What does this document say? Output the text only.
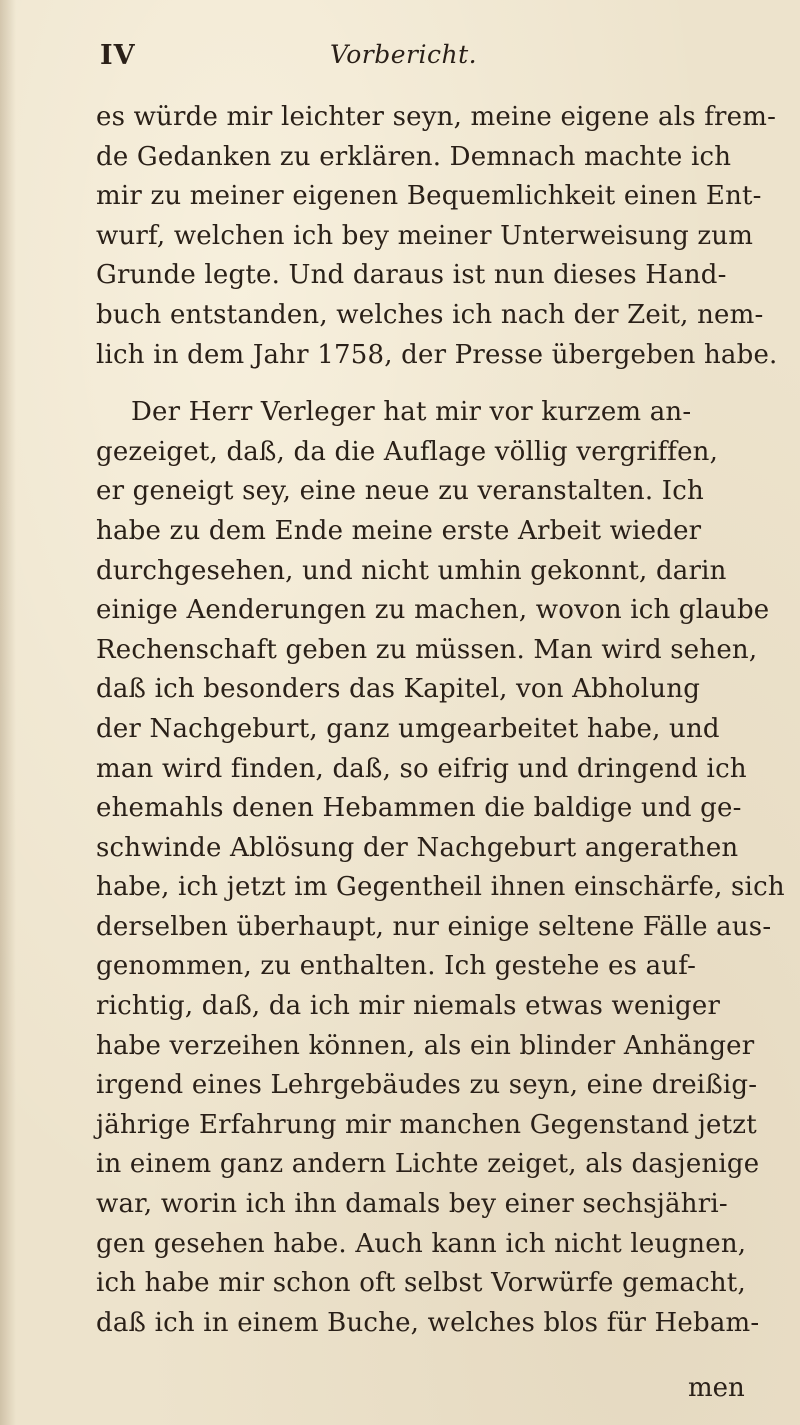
IV	Vorbericht.
es würde mir leichter seyn, meine eigene als frem-
de Gedanken zu erklären. Demnach machte ich
mir zu meiner eigenen Bequemlichkeit einen Ent-
wurf, welchen ich bey meiner Unterweisung zum
Grunde legte. Und daraus ist nun dieses Hand-
buch entstanden, welches ich nach der Zeit, nem-
lich in dem Jahr 1758, der Presse übergeben habe.
Der Herr Verleger hat mir vor kurzem an-
gezeiget, daß, da die Auflage völlig vergriffen,
er geneigt sey, eine neue zu veranstalten. Ich
habe zu dem Ende meine erste Arbeit wieder
durchgesehen, und nicht umhin gekonnt, darin
einige Aenderungen zu machen, wovon ich glaube
Rechenschaft geben zu müssen. Man wird sehen,
daß ich besonders das Kapitel, von Abholung
der Nachgeburt, ganz umgearbeitet habe, und
man wird finden, daß, so eifrig und dringend ich
ehemahls denen Hebammen die baldige und ge-
schwinde Ablösung der Nachgeburt angerathen
habe, ich jetzt im Gegentheil ihnen einschärfe, sich
derselben überhaupt, nur einige seltene Fälle aus-
genommen, zu enthalten. Ich gestehe es auf-
richtig, daß, da ich mir niemals etwas weniger
habe verzeihen können, als ein blinder Anhänger
irgend eines Lehrgebäudes zu seyn, eine dreißig-
jährige Erfahrung mir manchen Gegenstand jetzt
in einem ganz andern Lichte zeiget, als dasjenige
war, worin ich ihn damals bey einer sechsjähri-
gen gesehen habe. Auch kann ich nicht leugnen,
ich habe mir schon oft selbst Vorwürfe gemacht,
daß ich in einem Buche, welches blos für Hebam-
men
